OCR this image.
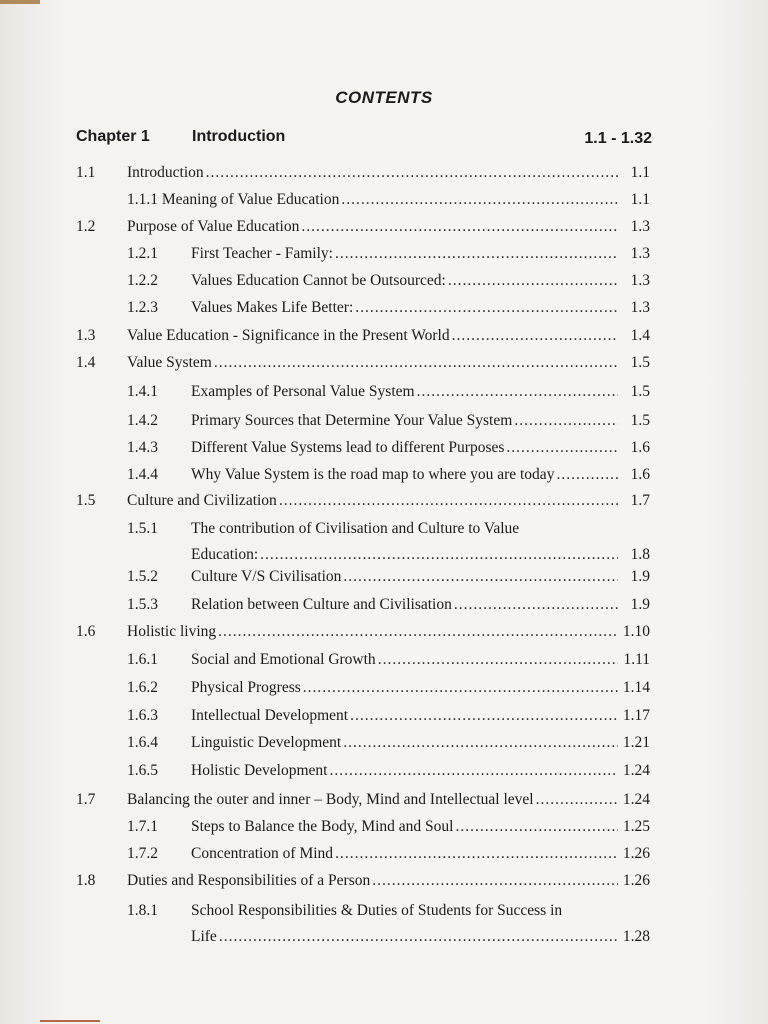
CONTENTS
Chapter 1	Introduction	1.1 - 1.32
1.1 Introduction .....	1.1
1.1.1 Meaning of Value Education .....	1.1
1.2 Purpose of Value Education .....	1.3
1.2.1 First Teacher - Family: .....	1.3
1.2.2 Values Education Cannot be Outsourced: .....	1.3
1.2.3 Values Makes Life Better: .....	1.3
1.3 Value Education - Significance in the Present World .....	1.4
1.4 Value System .....	1.5
1.4.1 Examples of Personal Value System .....	1.5
1.4.2 Primary Sources that Determine Your Value System .....	1.5
1.4.3 Different Value Systems lead to different Purposes .....	1.6
1.4.4 Why Value System is the road map to where you are today .....	1.6
1.5 Culture and Civilization .....	1.7
1.5.1 The contribution of Civilisation and Culture to Value
Education: .....	1.8
1.5.2 Culture V/S Civilisation .....	1.9
1.5.3 Relation between Culture and Civilisation .....	1.9
1.6 Holistic living .....	1.10
1.6.1 Social and Emotional Growth .....	1.11
1.6.2 Physical Progress .....	1.14
1.6.3 Intellectual Development .....	1.17
1.6.4 Linguistic Development .....	1.21
1.6.5 Holistic Development .....	1.24
1.7 Balancing the outer and inner – Body, Mind and Intellectual level .....	1.24
1.7.1 Steps to Balance the Body, Mind and Soul .....	1.25
1.7.2 Concentration of Mind .....	1.26
1.8 Duties and Responsibilities of a Person .....	1.26
1.8.1 School Responsibilities & Duties of Students for Success in
Life .....	1.28
